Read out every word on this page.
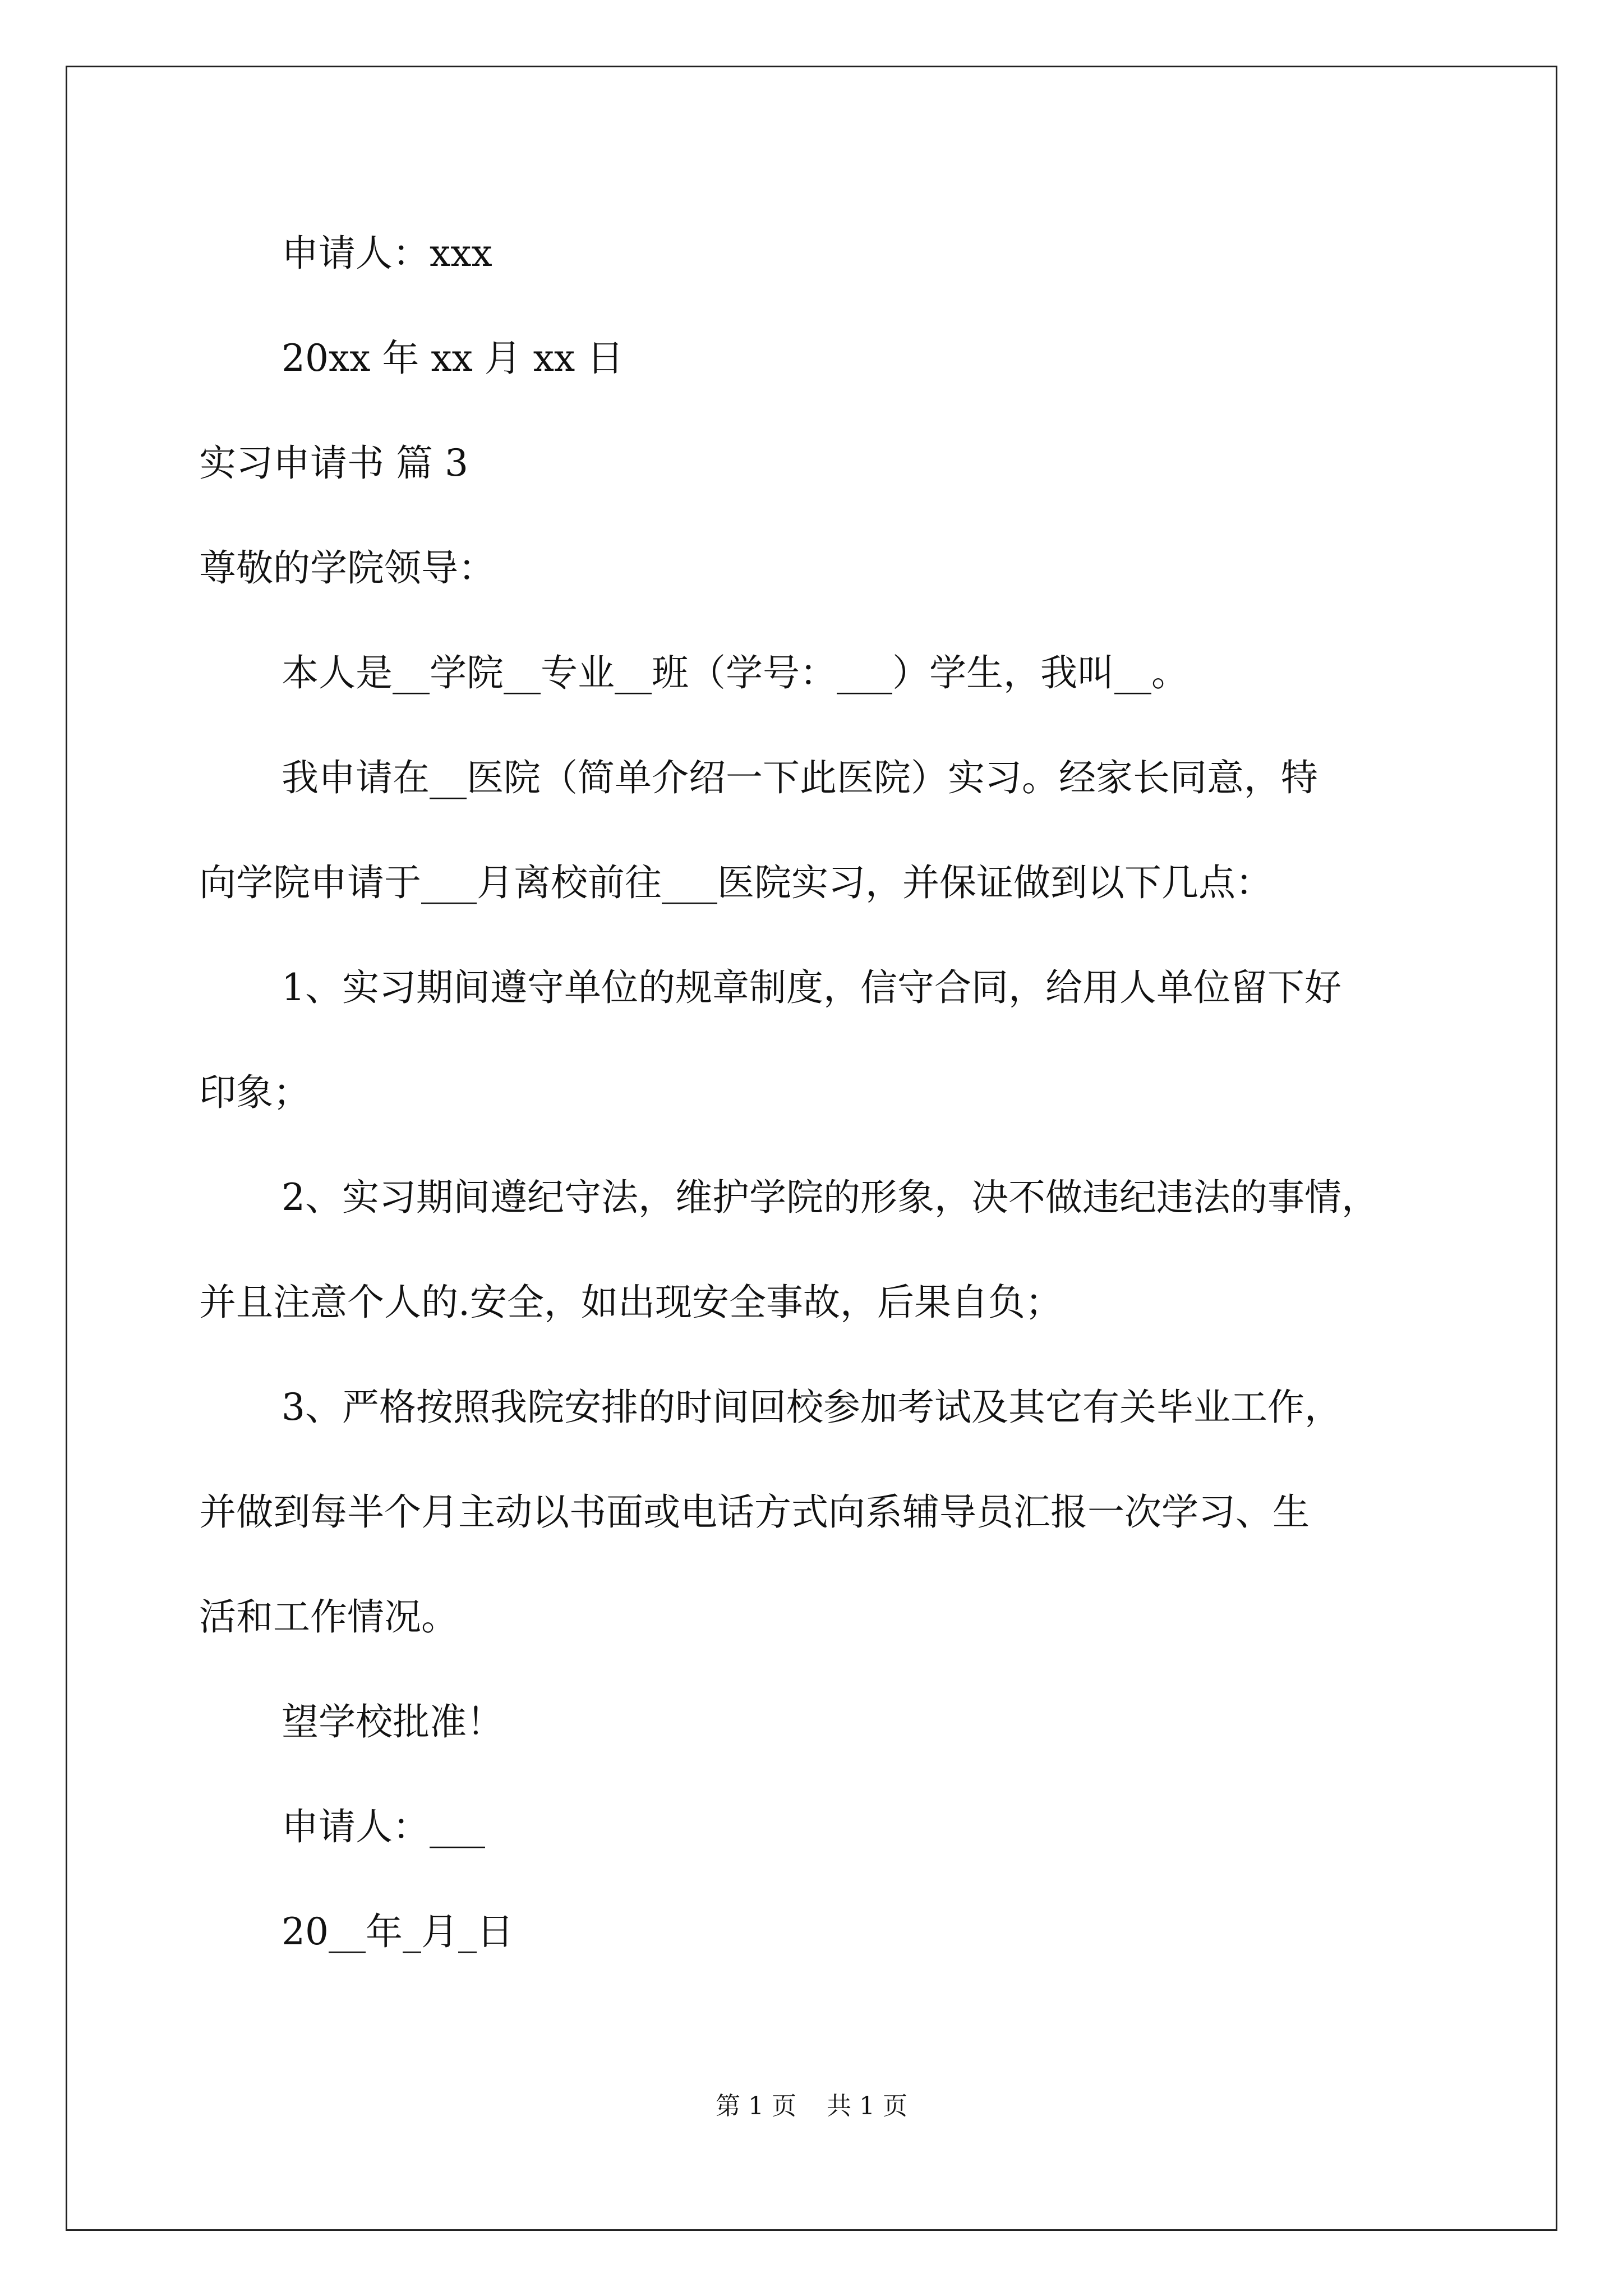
申请人：xxx

20xx 年 xx 月 xx 日

实习申请书 篇 3

尊敬的学院领导：

本人是__学院__专业__班（学号：___）学生，我叫__。

我申请在__医院（简单介绍一下此医院）实习。经家长同意，特

向学院申请于___月离校前往___医院实习，并保证做到以下几点：

1、实习期间遵守单位的规章制度，信守合同，给用人单位留下好

印象；

2、实习期间遵纪守法，维护学院的形象，决不做违纪违法的事情，

并且注意个人的.安全，如出现安全事故，后果自负；

3、严格按照我院安排的时间回校参加考试及其它有关毕业工作，

并做到每半个月主动以书面或电话方式向系辅导员汇报一次学习、生

活和工作情况。

望学校批准！

申请人：___

20__年_月_日

第 1 页 共 1 页
